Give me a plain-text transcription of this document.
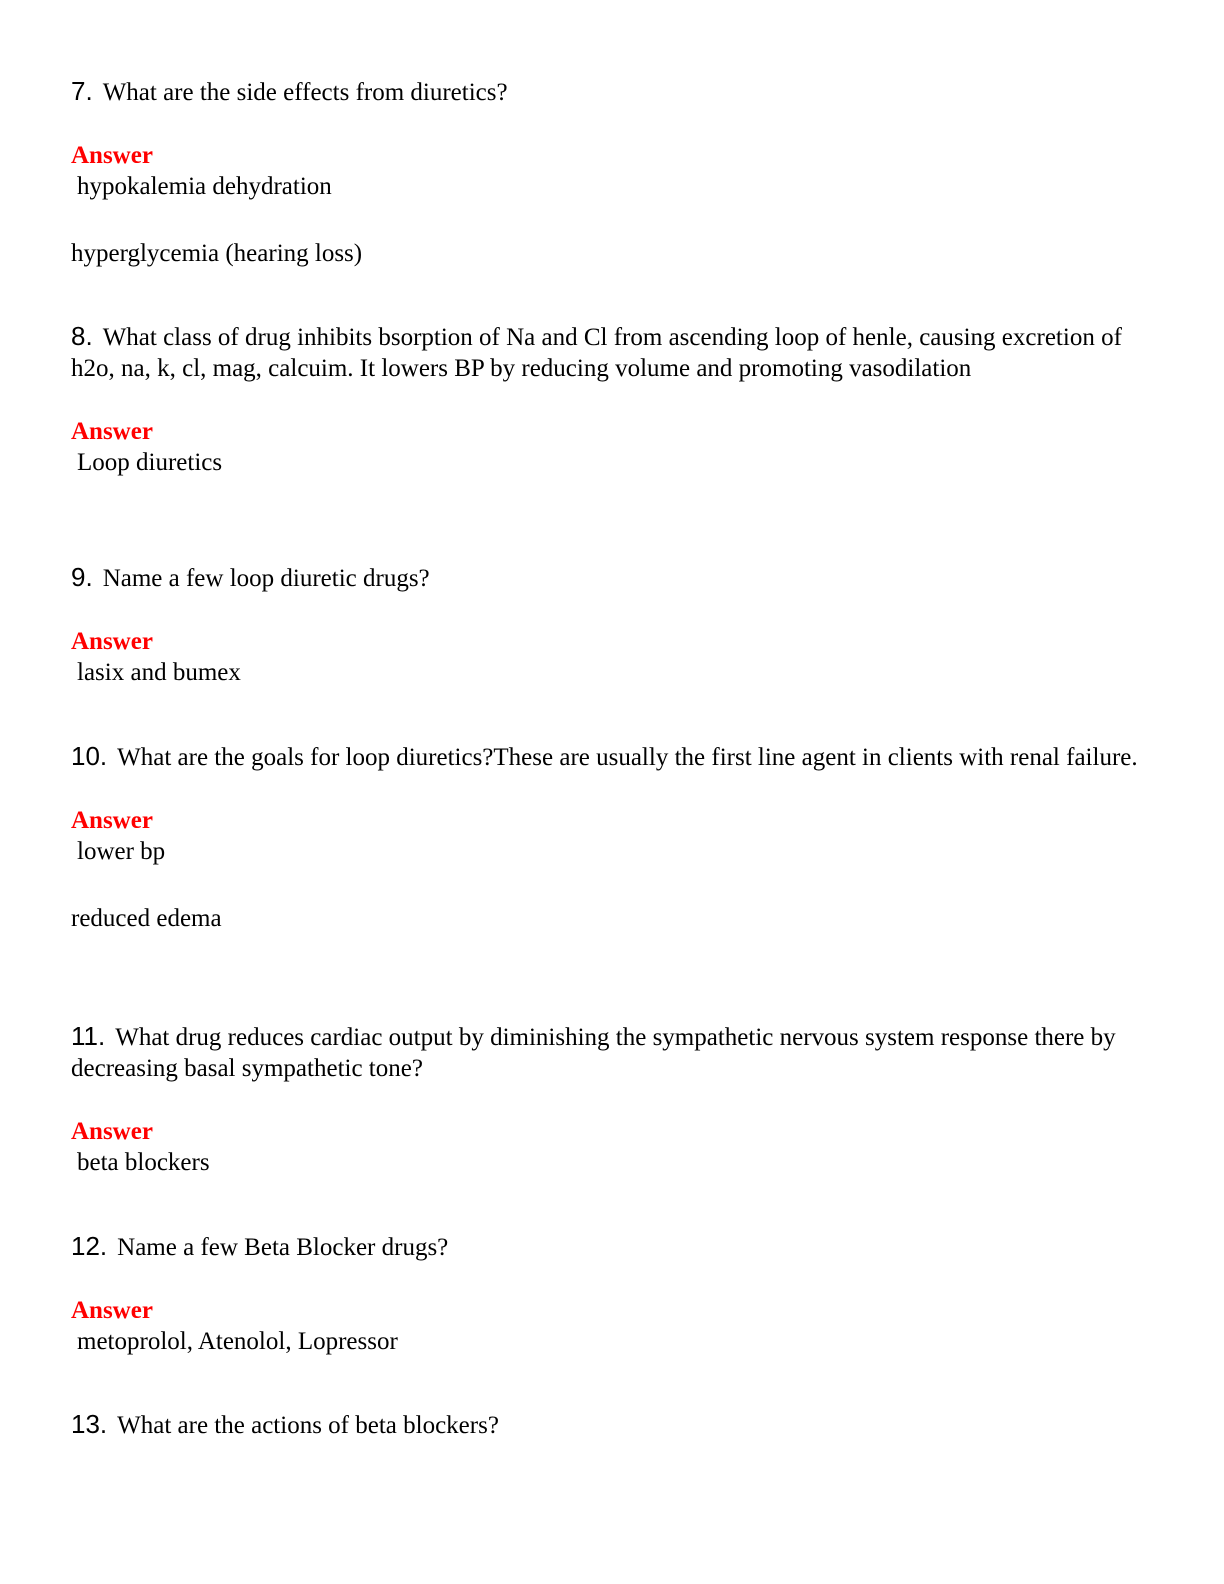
7. What are the side effects from diuretics?

Answer

hypokalemia dehydration

hyperglycemia (hearing loss)

8. What class of drug inhibits bsorption of Na and Cl from ascending loop of henle, causing excretion of h2o, na, k, cl, mag, calcuim. It lowers BP by reducing volume and promoting vasodilation

Answer

Loop diuretics

9. Name a few loop diuretic drugs?

Answer

lasix and bumex

10. What are the goals for loop diuretics?These are usually the first line agent in clients with renal failure.

Answer

lower bp

reduced edema

11. What drug reduces cardiac output by diminishing the sympathetic nervous system response there by decreasing basal sympathetic tone?

Answer

beta blockers

12. Name a few Beta Blocker drugs?

Answer

metoprolol, Atenolol, Lopressor

13. What are the actions of beta blockers?
